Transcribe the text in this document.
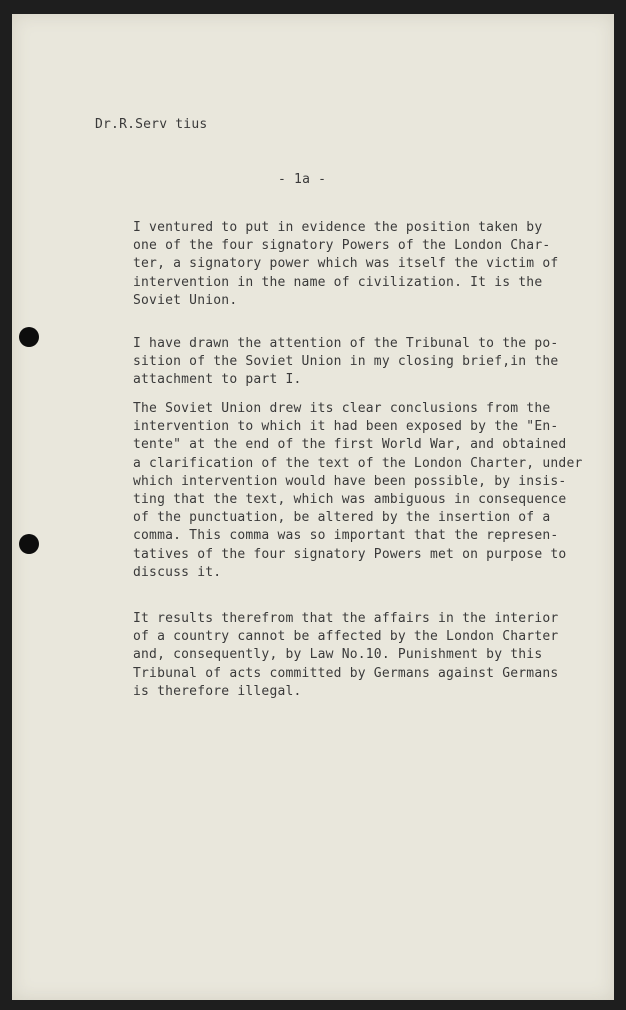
Dr.R.Serv tius
- 1a -
I ventured to put in evidence the position taken by
one of the four signatory Powers of the London Char-
ter, a signatory power which was itself the victim of
intervention in the name of civilization. It is the
Soviet Union.
I have drawn the attention of the Tribunal to the po-
sition of the Soviet Union in my closing brief,in the
attachment to part I.
The Soviet Union drew its clear conclusions from the
intervention to which it had been exposed by the "En-
tente" at the end of the first World War, and obtained
a clarification of the text of the London Charter, under
which intervention would have been possible, by insis-
ting that the text, which was ambiguous in consequence
of the punctuation, be altered by the insertion of a
comma. This comma was so important that the represen-
tatives of the four signatory Powers met on purpose to
discuss it.
It results therefrom that the affairs in the interior
of a country cannot be affected by the London Charter
and, consequently, by Law No.10. Punishment by this
Tribunal of acts committed by Germans against Germans
is therefore illegal.
